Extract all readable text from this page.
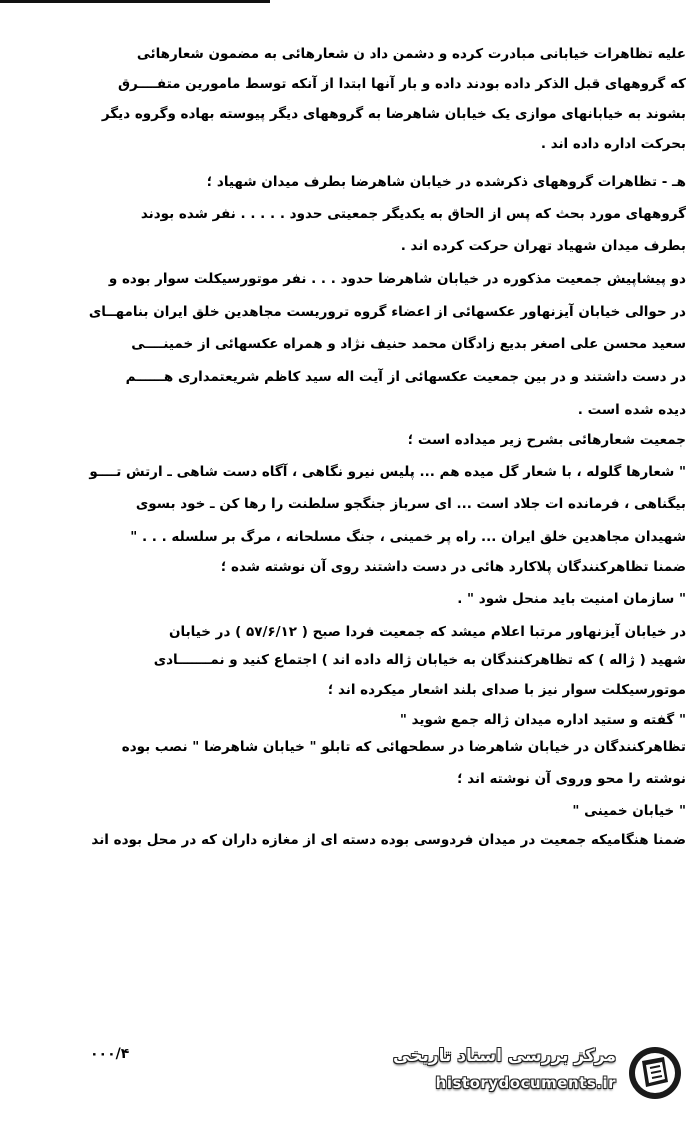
علیه تظاهرات خیابانی مبادرت کرده و دشمن داد ن شعارهائی به مضمون شعارهائی
که گروههای قبل الذکر داده بودند داده و بار آنها ابتدا از آنکه توسط مامورین متفــــرق
بشوند به خیابانهای موازی یک خیابان شاهرضا به گروههای دیگر پیوسته بهاده وگروه دیگر
بحرکت اداره داده اند .
هـ - تظاهرات گروههای ذکرشده در خیابان شاهرضا بطرف میدان شهیاد ؛
گروههای مورد بحث که پس از الحاق به یکدیگر جمعیتی حدود . . . . . نفر شده بودند
بطرف میدان شهیاد تهران حرکت کرده اند .
دو پیشاپیش جمعیت مذکوره در خیابان شاهرضا حدود . . . نفر موتورسیکلت سوار بوده و
در حوالی خیابان آیزنهاور عکسهائی از اعضاء گروه تروریست مجاهدین خلق ایران بنامهــای
سعید محسن علی اصغر بدیع زادگان محمد حنیف نژاد و همراه عکسهائی از خمینــــی
در دست داشتند و در بین جمعیت عکسهائی از آیت اله سید کاظم شریعتمداری هــــــم
دیده شده است .
جمعیت شعارهائی بشرح زیر میداده است ؛
" شعارها گلوله ، با شعار گل میده هم ... پلیس نیرو نگاهی ، آگاه دست شاهی ـ ارتش تــــو
بیگناهی ، فرمانده ات جلاد است ... ای سرباز جنگجو سلطنت را رها کن ـ خود بسوی
شهیدان مجاهدین خلق ایران ... راه پر خمینی ، جنگ مسلحانه ، مرگ بر سلسله . . . "
ضمنا تظاهرکنندگان پلاکارد هائی در دست داشتند روی آن نوشته شده ؛
" سازمان امنیت باید منحل شود " .
در خیابان آیزنهاور مرتبا اعلام میشد که جمعیت فردا صبح ( ۵۷/۶/۱۲ ) در خیابان
شهید ( ژاله ) که تظاهرکنندگان به خیابان ژاله داده اند ) اجتماع کنید و نمـــــــادی
موتورسیکلت سوار نیز با صدای بلند اشعار میکرده اند ؛
" گفته و ستید اداره میدان ژاله جمع شوید "
تظاهرکنندگان در خیابان شاهرضا در سطحهائی که تابلو " خیابان شاهرضا " نصب بوده
نوشته را محو وروی آن نوشته اند ؛
" خیابان خمینی "
ضمنا هنگامیکه جمعیت در میدان فردوسی بوده دسته ای از مغازه داران که در محل بوده اند
۰۰۰/۴	مرکز بررسی اسناد تاریخی
historydocuments.ir
